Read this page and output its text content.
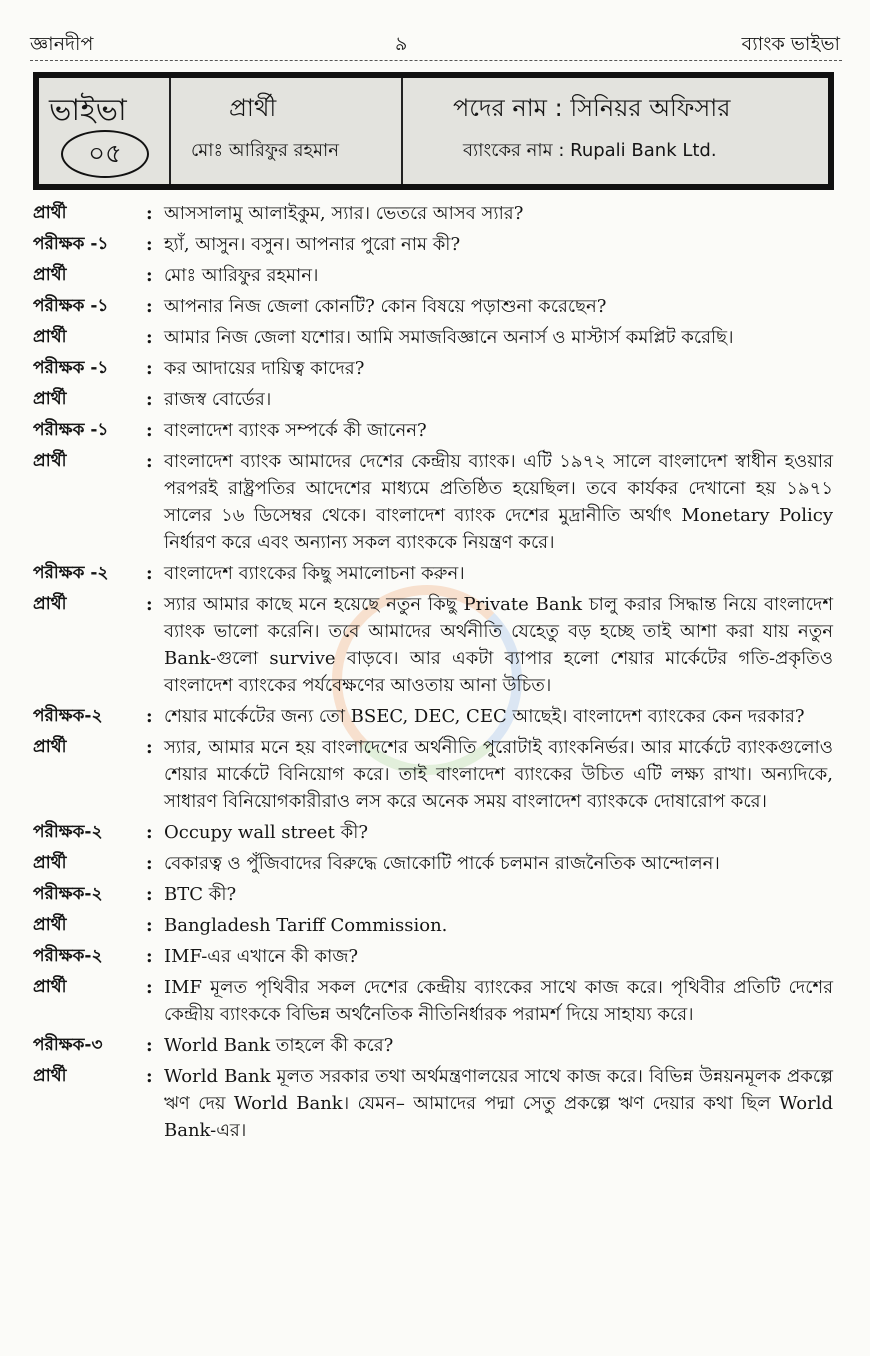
জ্ঞানদীপ	৯	ব্যাংক ভাইভা
ভাইভা
০৫
প্রার্থী
মোঃ আরিফুর রহমান
পদের নাম : সিনিয়র অফিসার
ব্যাংকের নাম : Rupali Bank Ltd.
প্রার্থী	: আসসালামু আলাইকুম, স্যার। ভেতরে আসব স্যার?
পরীক্ষক -১	: হ্যাঁ, আসুন। বসুন। আপনার পুরো নাম কী?
প্রার্থী	: মোঃ আরিফুর রহমান।
পরীক্ষক -১	: আপনার নিজ জেলা কোনটি? কোন বিষয়ে পড়াশুনা করেছেন?
প্রার্থী	: আমার নিজ জেলা যশোর। আমি সমাজবিজ্ঞানে অনার্স ও মাস্টার্স কমপ্লিট করেছি।
পরীক্ষক -১	: কর আদায়ের দায়িত্ব কাদের?
প্রার্থী	: রাজস্ব বোর্ডের।
পরীক্ষক -১	: বাংলাদেশ ব্যাংক সম্পর্কে কী জানেন?
প্রার্থী	: বাংলাদেশ ব্যাংক আমাদের দেশের কেন্দ্রীয় ব্যাংক। এটি ১৯৭২ সালে বাংলাদেশ স্বাধীন হওয়ার পরপরই রাষ্ট্রপতির আদেশের মাধ্যমে প্রতিষ্ঠিত হয়েছিল। তবে কার্যকর দেখানো হয় ১৯৭১ সালের ১৬ ডিসেম্বর থেকে। বাংলাদেশ ব্যাংক দেশের মুদ্রানীতি অর্থাৎ Monetary Policy নির্ধারণ করে এবং অন্যান্য সকল ব্যাংককে নিয়ন্ত্রণ করে।
পরীক্ষক -২	: বাংলাদেশ ব্যাংকের কিছু সমালোচনা করুন।
প্রার্থী	: স্যার আমার কাছে মনে হয়েছে নতুন কিছু Private Bank চালু করার সিদ্ধান্ত নিয়ে বাংলাদেশ ব্যাংক ভালো করেনি। তবে আমাদের অর্থনীতি যেহেতু বড় হচ্ছে তাই আশা করা যায় নতুন Bank-গুলো survive বাড়বে। আর একটা ব্যাপার হলো শেয়ার মার্কেটের গতি-প্রকৃতিও বাংলাদেশ ব্যাংকের পর্যবেক্ষণের আওতায় আনা উচিত।
পরীক্ষক-২	: শেয়ার মার্কেটের জন্য তো BSEC, DEC, CEC আছেই। বাংলাদেশ ব্যাংকের কেন দরকার?
প্রার্থী	: স্যার, আমার মনে হয় বাংলাদেশের অর্থনীতি পুরোটাই ব্যাংকনির্ভর। আর মার্কেটে ব্যাংকগুলোও শেয়ার মার্কেটে বিনিয়োগ করে। তাই বাংলাদেশ ব্যাংকের উচিত এটি লক্ষ্য রাখা। অন্যদিকে, সাধারণ বিনিয়োগকারীরাও লস করে অনেক সময় বাংলাদেশ ব্যাংককে দোষারোপ করে।
পরীক্ষক-২	: Occupy wall street কী?
প্রার্থী	: বেকারত্ব ও পুঁজিবাদের বিরুদ্ধে জোকোটি পার্কে চলমান রাজনৈতিক আন্দোলন।
পরীক্ষক-২	: BTC কী?
প্রার্থী	: Bangladesh Tariff Commission.
পরীক্ষক-২	: IMF-এর এখানে কী কাজ?
প্রার্থী	: IMF মূলত পৃথিবীর সকল দেশের কেন্দ্রীয় ব্যাংকের সাথে কাজ করে। পৃথিবীর প্রতিটি দেশের কেন্দ্রীয় ব্যাংককে বিভিন্ন অর্থনৈতিক নীতিনির্ধারক পরামর্শ দিয়ে সাহায্য করে।
পরীক্ষক-৩	: World Bank তাহলে কী করে?
প্রার্থী	: World Bank মূলত সরকার তথা অর্থমন্ত্রণালয়ের সাথে কাজ করে। বিভিন্ন উন্নয়নমূলক প্রকল্পে ঋণ দেয় World Bank। যেমন– আমাদের পদ্মা সেতু প্রকল্পে ঋণ দেয়ার কথা ছিল World Bank-এর।
